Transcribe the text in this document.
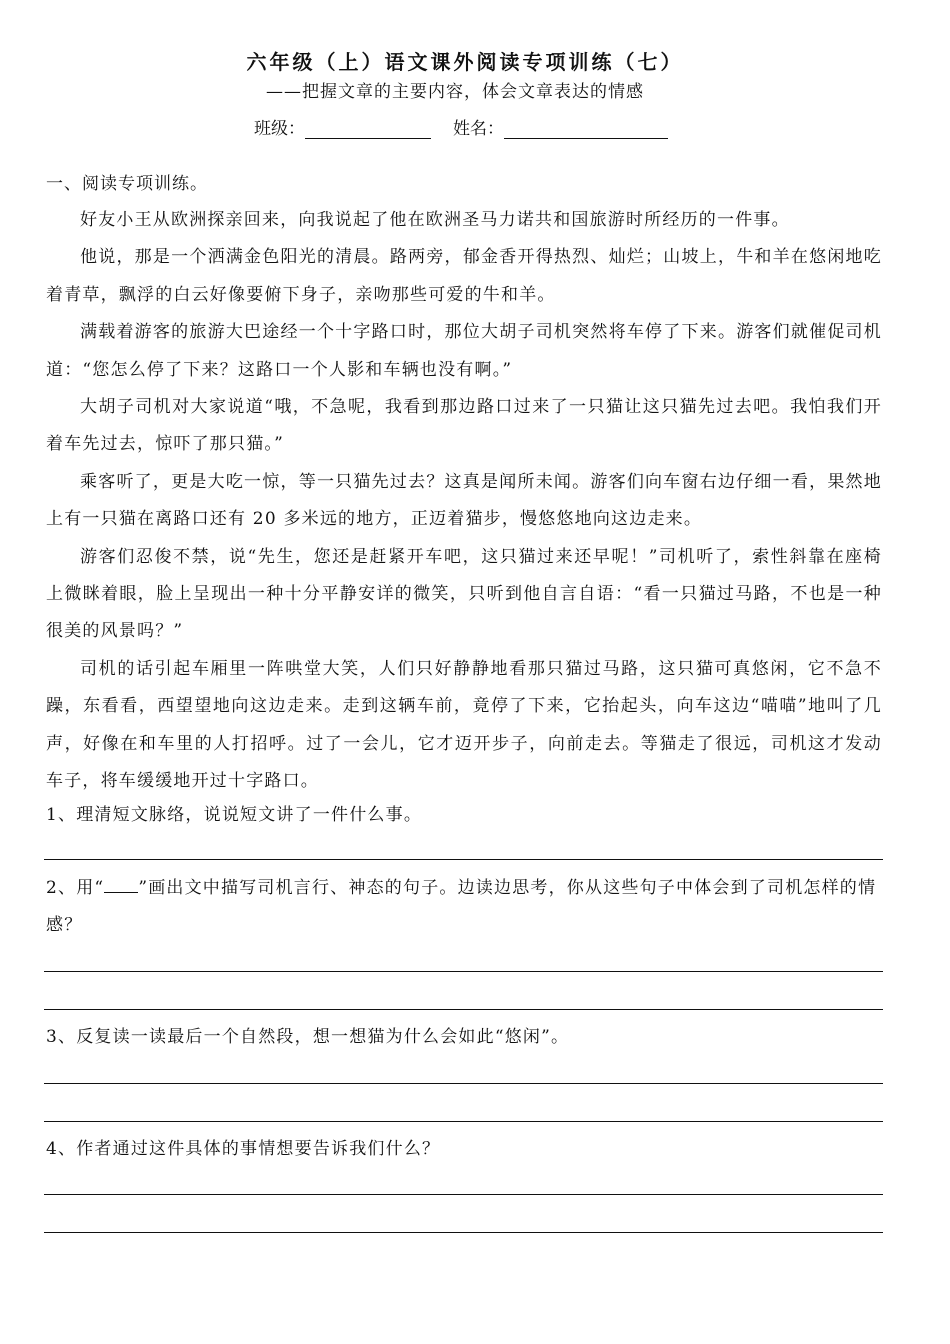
六年级（上）语文课外阅读专项训练（七）
——把握文章的主要内容，体会文章表达的情感
班级：	姓名：
一、阅读专项训练。

好友小王从欧洲探亲回来，向我说起了他在欧洲圣马力诺共和国旅游时所经历的一件事。

他说，那是一个洒满金色阳光的清晨。路两旁，郁金香开得热烈、灿烂；山坡上，牛和羊在悠闲地吃着青草，飘浮的白云好像要俯下身子，亲吻那些可爱的牛和羊。

满载着游客的旅游大巴途经一个十字路口时，那位大胡子司机突然将车停了下来。游客们就催促司机道：“您怎么停了下来？这路口一个人影和车辆也没有啊。”

大胡子司机对大家说道“哦，不急呢，我看到那边路口过来了一只猫让这只猫先过去吧。我怕我们开着车先过去，惊吓了那只猫。”

乘客听了，更是大吃一惊，等一只猫先过去？这真是闻所未闻。游客们向车窗右边仔细一看，果然地上有一只猫在离路口还有 20 多米远的地方，正迈着猫步，慢悠悠地向这边走来。

游客们忍俊不禁，说“先生，您还是赶紧开车吧，这只猫过来还早呢！”司机听了，索性斜靠在座椅上微眯着眼，脸上呈现出一种十分平静安详的微笑，只听到他自言自语：“看一只猫过马路，不也是一种很美的风景吗？”

司机的话引起车厢里一阵哄堂大笑，人们只好静静地看那只猫过马路，这只猫可真悠闲，它不急不躁，东看看，西望望地向这边走来。走到这辆车前，竟停了下来，它抬起头，向车这边“喵喵”地叫了几声，好像在和车里的人打招呼。过了一会儿，它才迈开步子，向前走去。等猫走了很远，司机这才发动车子，将车缓缓地开过十字路口。

1、理清短文脉络，说说短文讲了一件什么事。
2、用“ ”画出文中描写司机言行、神态的句子。边读边思考，你从这些句子中体会到了司机怎样的情感？
3、反复读一读最后一个自然段，想一想猫为什么会如此“悠闲”。
4、作者通过这件具体的事情想要告诉我们什么？
